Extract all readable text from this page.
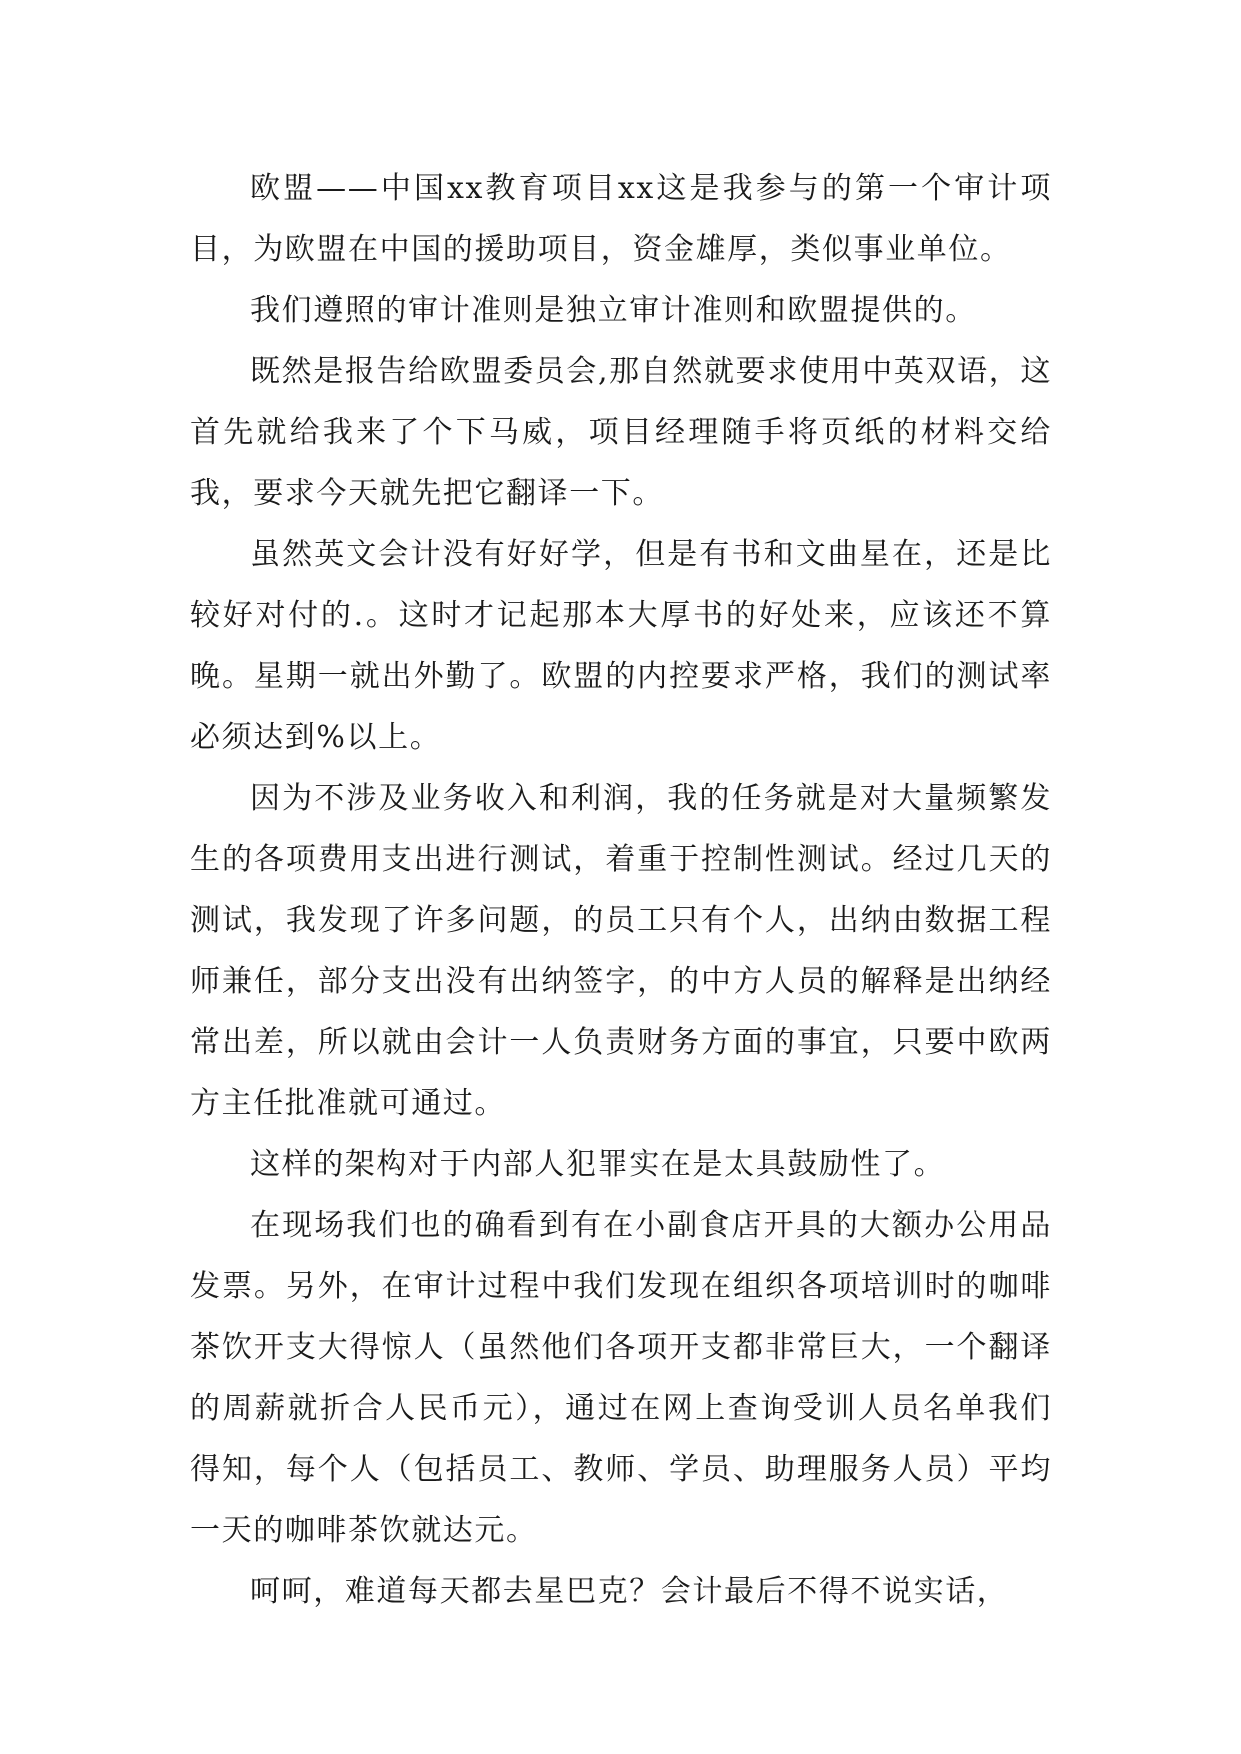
欧盟——中国xx教育项目xx这是我参与的第一个审计项目，为欧盟在中国的援助项目，资金雄厚，类似事业单位。

我们遵照的审计准则是独立审计准则和欧盟提供的。

既然是报告给欧盟委员会,那自然就要求使用中英双语，这首先就给我来了个下马威，项目经理随手将页纸的材料交给我，要求今天就先把它翻译一下。

虽然英文会计没有好好学，但是有书和文曲星在，还是比较好对付的.。这时才记起那本大厚书的好处来，应该还不算晚。星期一就出外勤了。欧盟的内控要求严格，我们的测试率必须达到%以上。

因为不涉及业务收入和利润，我的任务就是对大量频繁发生的各项费用支出进行测试，着重于控制性测试。经过几天的测试，我发现了许多问题，的员工只有个人，出纳由数据工程师兼任，部分支出没有出纳签字，的中方人员的解释是出纳经常出差，所以就由会计一人负责财务方面的事宜，只要中欧两方主任批准就可通过。

这样的架构对于内部人犯罪实在是太具鼓励性了。

在现场我们也的确看到有在小副食店开具的大额办公用品发票。另外，在审计过程中我们发现在组织各项培训时的咖啡茶饮开支大得惊人（虽然他们各项开支都非常巨大，一个翻译的周薪就折合人民币元），通过在网上查询受训人员名单我们得知，每个人（包括员工、教师、学员、助理服务人员）平均一天的咖啡茶饮就达元。

呵呵，难道每天都去星巴克？会计最后不得不说实话，
